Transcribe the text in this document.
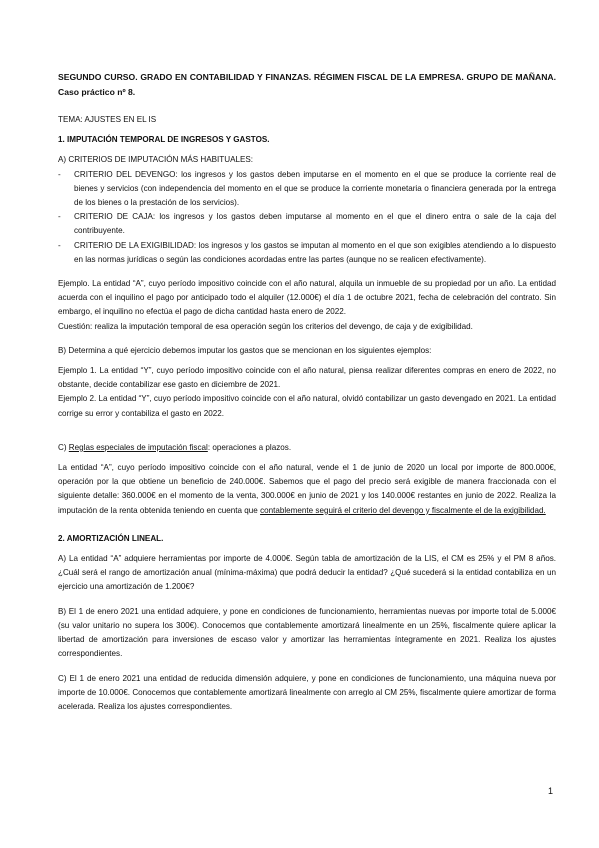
SEGUNDO CURSO. GRADO EN CONTABILIDAD Y FINANZAS. RÉGIMEN FISCAL DE LA EMPRESA. GRUPO DE MAÑANA. Caso práctico nº 8.

TEMA: AJUSTES EN EL IS

1. IMPUTACIÓN TEMPORAL DE INGRESOS Y GASTOS.

A) CRITERIOS DE IMPUTACIÓN MÁS HABITUALES:

- CRITERIO DEL DEVENGO: los ingresos y los gastos deben imputarse en el momento en el que se produce la corriente real de bienes y servicios (con independencia del momento en el que se produce la corriente monetaria o financiera generada por la entrega de los bienes o la prestación de los servicios).
- CRITERIO DE CAJA: los ingresos y los gastos deben imputarse al momento en el que el dinero entra o sale de la caja del contribuyente.
- CRITERIO DE LA EXIGIBILIDAD: los ingresos y los gastos se imputan al momento en el que son exigibles atendiendo a lo dispuesto en las normas jurídicas o según las condiciones acordadas entre las partes (aunque no se realicen efectivamente).

Ejemplo. La entidad “A”, cuyo período impositivo coincide con el año natural, alquila un inmueble de su propiedad por un año. La entidad acuerda con el inquilino el pago por anticipado todo el alquiler (12.000€) el día 1 de octubre 2021, fecha de celebración del contrato. Sin embargo, el inquilino no efectúa el pago de dicha cantidad hasta enero de 2022.

Cuestión: realiza la imputación temporal de esa operación según los criterios del devengo, de caja y de exigibilidad.

B) Determina a qué ejercicio debemos imputar los gastos que se mencionan en los siguientes ejemplos:

Ejemplo 1. La entidad “Y”, cuyo período impositivo coincide con el año natural, piensa realizar diferentes compras en enero de 2022, no obstante, decide contabilizar ese gasto en diciembre de 2021.

Ejemplo 2. La entidad “Y”, cuyo período impositivo coincide con el año natural, olvidó contabilizar un gasto devengado en 2021. La entidad corrige su error y contabiliza el gasto en 2022.

C) Reglas especiales de imputación fiscal: operaciones a plazos.

La entidad “A”, cuyo período impositivo coincide con el año natural, vende el 1 de junio de 2020 un local por importe de 800.000€, operación por la que obtiene un beneficio de 240.000€. Sabemos que el pago del precio será exigible de manera fraccionada con el siguiente detalle: 360.000€ en el momento de la venta, 300.000€ en junio de 2021 y los 140.000€ restantes en junio de 2022. Realiza la imputación de la renta obtenida teniendo en cuenta que contablemente seguirá el criterio del devengo y fiscalmente el de la exigibilidad.

2. AMORTIZACIÓN LINEAL.

A) La entidad “A” adquiere herramientas por importe de 4.000€. Según tabla de amortización de la LIS, el CM es 25% y el PM 8 años. ¿Cuál será el rango de amortización anual (mínima-máxima) que podrá deducir la entidad? ¿Qué sucederá si la entidad contabiliza en un ejercicio una amortización de 1.200€?

B) El 1 de enero 2021 una entidad adquiere, y pone en condiciones de funcionamiento, herramientas nuevas por importe total de 5.000€ (su valor unitario no supera los 300€). Conocemos que contablemente amortizará linealmente en un 25%, fiscalmente quiere aplicar la libertad de amortización para inversiones de escaso valor y amortizar las herramientas íntegramente en 2021. Realiza los ajustes correspondientes.

C) El 1 de enero 2021 una entidad de reducida dimensión adquiere, y pone en condiciones de funcionamiento, una máquina nueva por importe de 10.000€. Conocemos que contablemente amortizará linealmente con arreglo al CM 25%, fiscalmente quiere amortizar de forma acelerada. Realiza los ajustes correspondientes.

1
